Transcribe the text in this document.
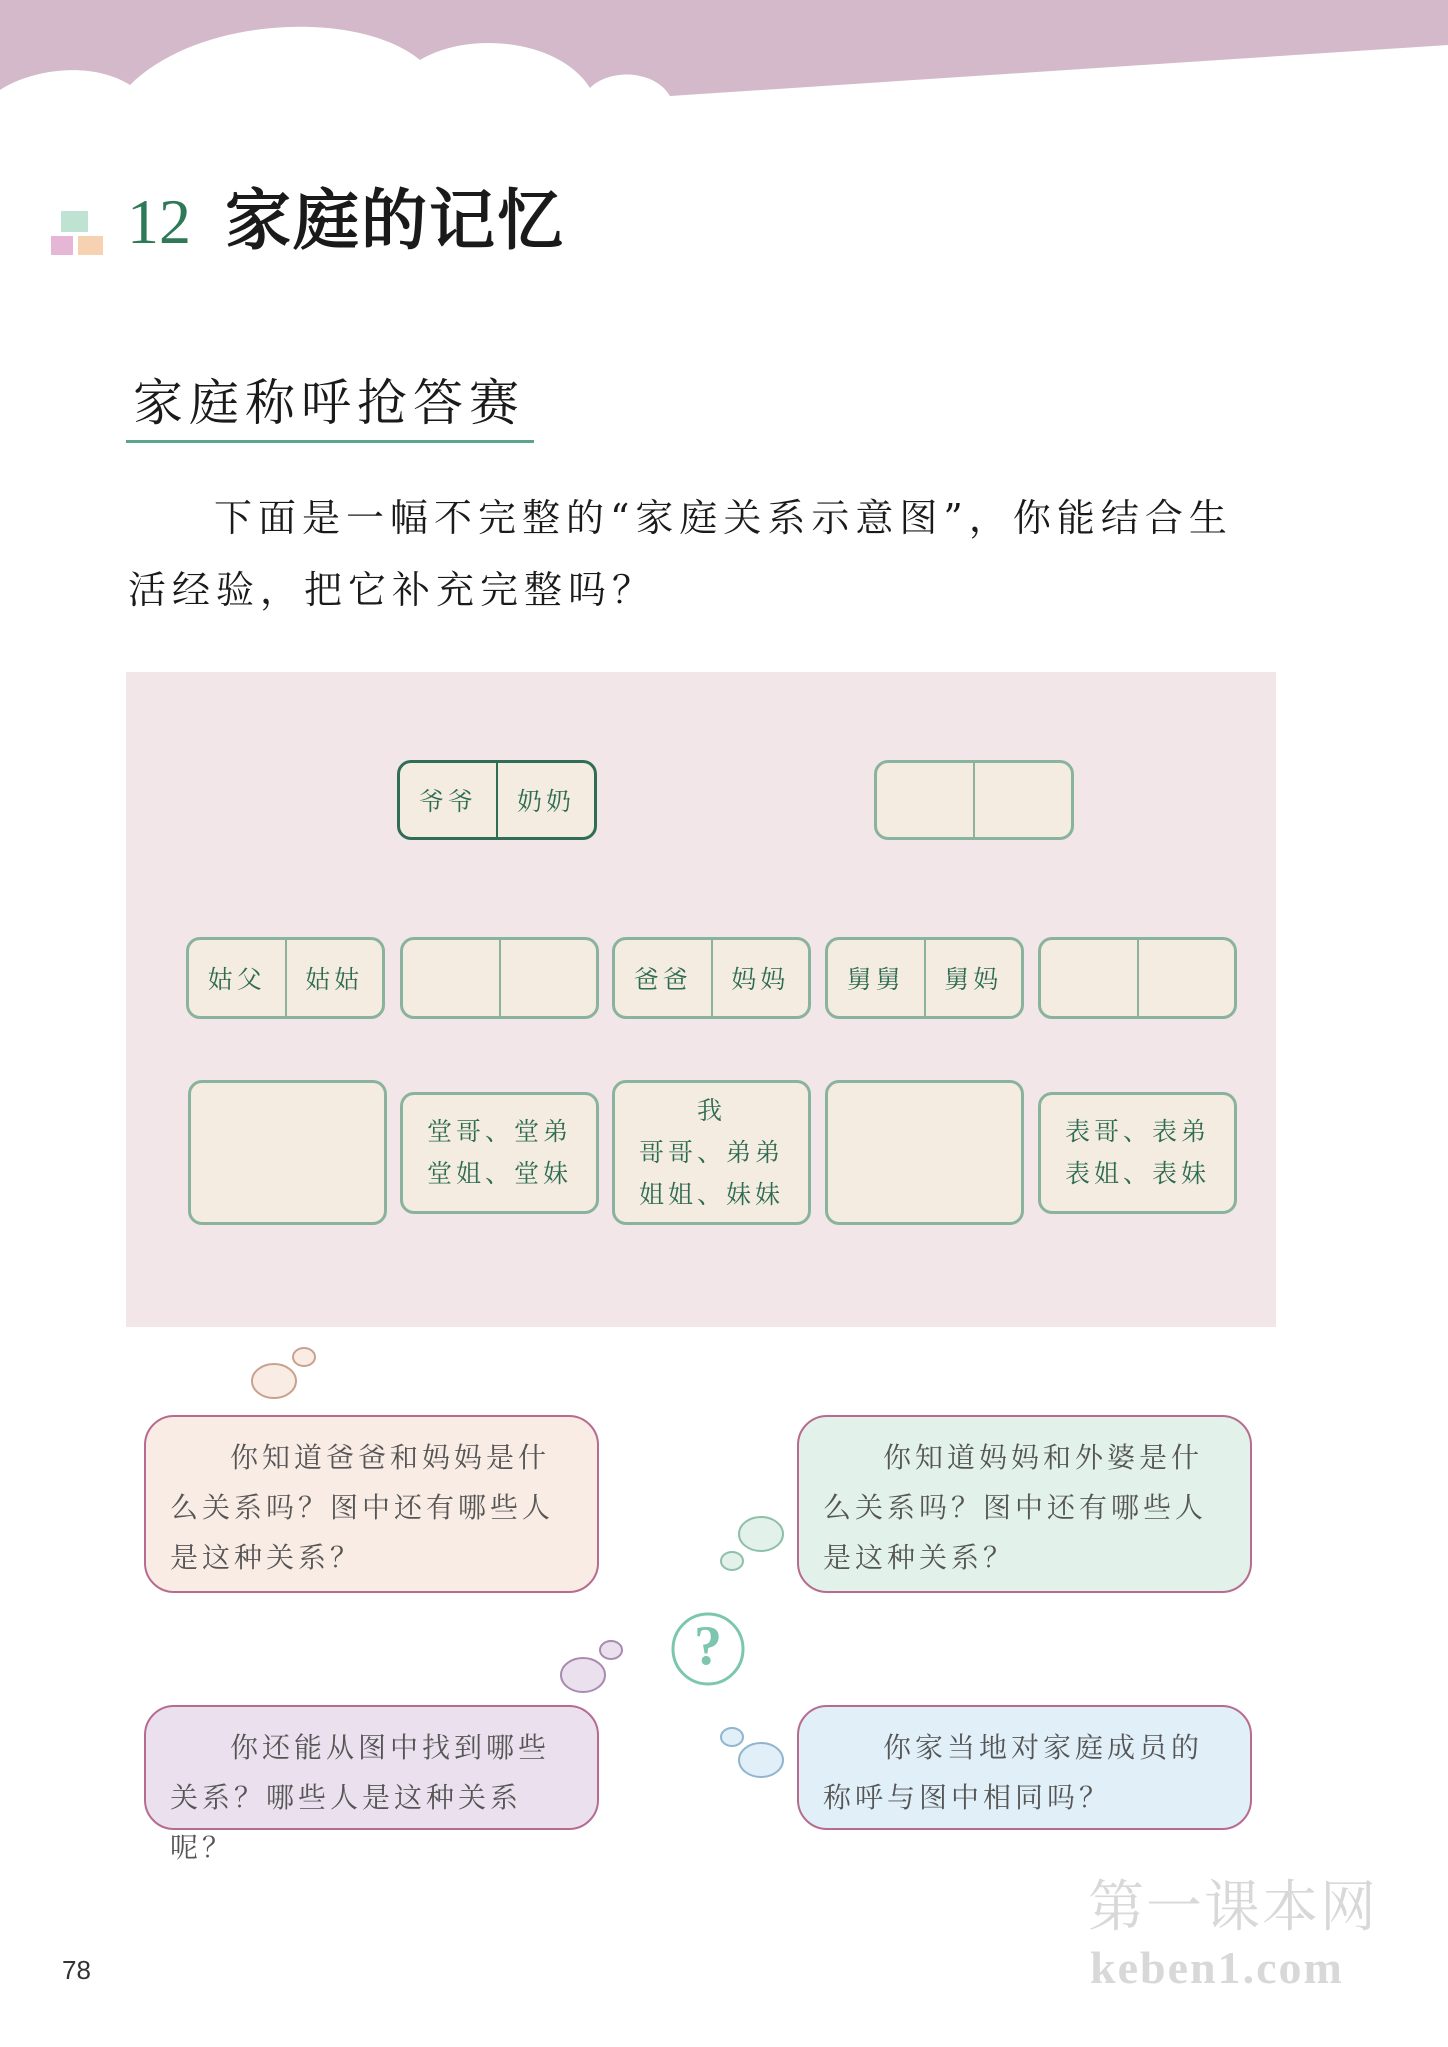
12 家庭的记忆
家庭称呼抢答赛
下面是一幅不完整的“家庭关系示意图”，你能结合生活经验，把它补充完整吗？
爷爷	奶奶
姑父	姑姑	爸爸	妈妈	舅舅	舅妈
堂哥、堂弟
堂姐、堂妹
我
哥哥、弟弟
姐姐、妹妹
表哥、表弟
表姐、表妹
你知道爸爸和妈妈是什么关系吗？图中还有哪些人是这种关系？
你知道妈妈和外婆是什么关系吗？图中还有哪些人是这种关系？
你还能从图中找到哪些关系？哪些人是这种关系呢？
你家当地对家庭成员的称呼与图中相同吗？
?
78
第一课本网
keben1.com
